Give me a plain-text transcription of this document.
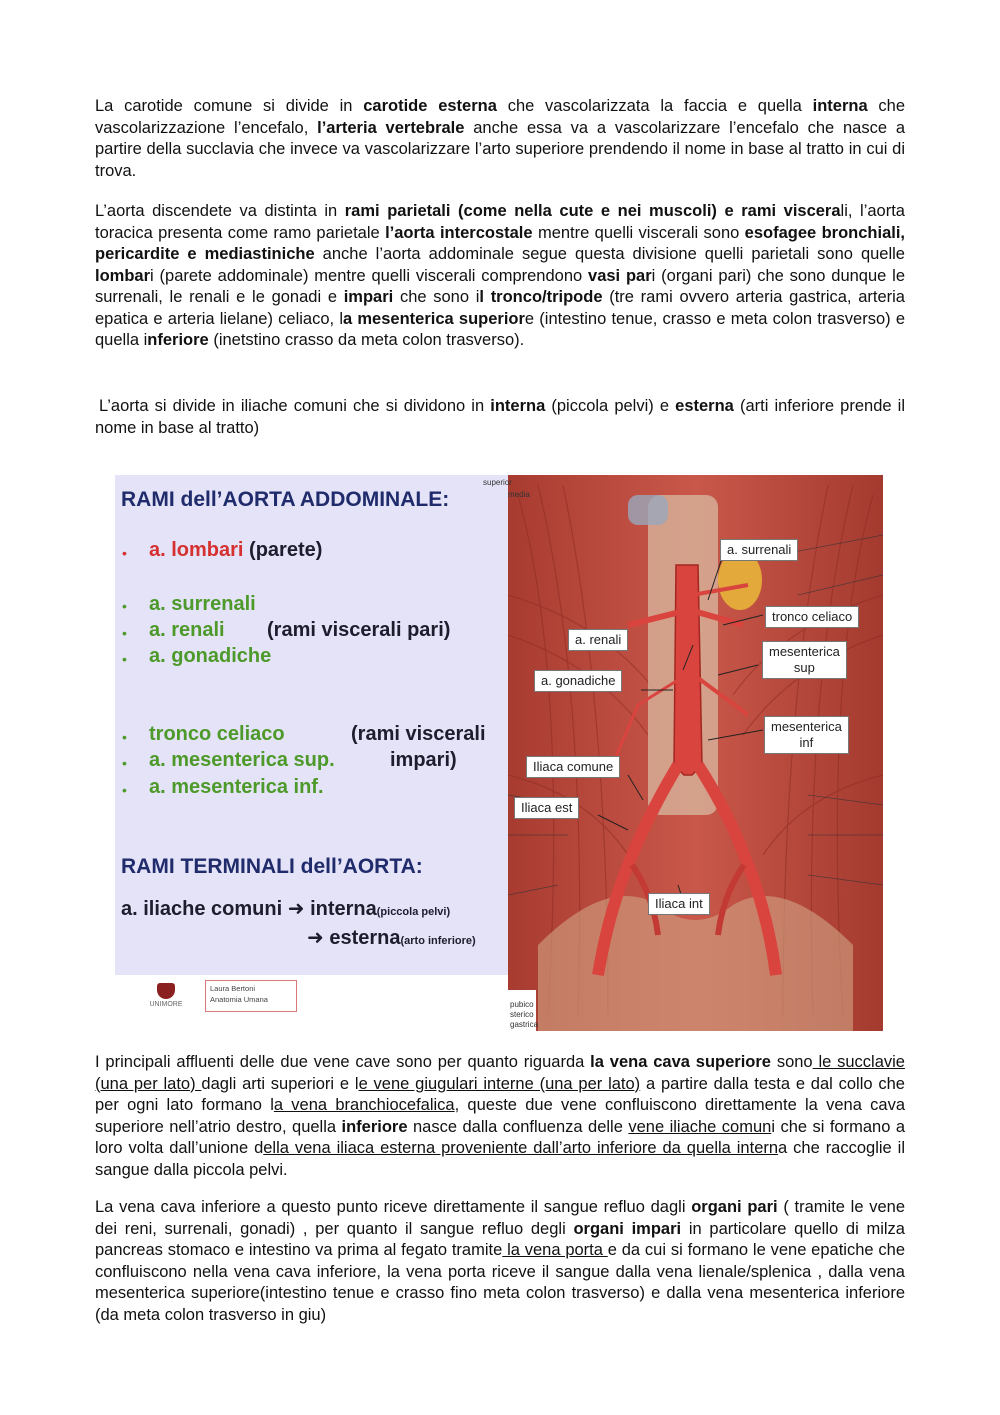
La carotide comune si divide in carotide esterna che vascolarizzata la faccia e quella interna che vascolarizzazione l’encefalo, l’arteria vertebrale anche essa va a vascolarizzare l’encefalo che nasce a partire della succlavia che invece va vascolarizzare l’arto superiore prendendo il nome in base al tratto in cui di trova.

L’aorta discendete va distinta in rami parietali (come nella cute e nei muscoli) e rami viscerali, l’aorta toracica presenta come ramo parietale l’aorta intercostale mentre quelli viscerali sono esofagee bronchiali, pericardite e mediastiniche anche l’aorta addominale segue questa divisione quelli parietali sono quelle lombari (parete addominale) mentre quelli viscerali comprendono vasi pari (organi pari) che sono dunque le surrenali, le renali e le gonadi e impari che sono il tronco/tripode (tre rami ovvero arteria gastrica, arteria epatica e arteria lielane) celiaco, la mesenterica superiore (intestino tenue, crasso e meta colon trasverso) e quella inferiore (inetstino crasso da meta colon trasverso).

L’aorta si divide in iliache comuni che si dividono in interna (piccola pelvi) e esterna (arti inferiore prende il nome in base al tratto)

RAMI dell’AORTA ADDOMINALE:
• a. lombari (parete)
• a. surrenali
• a. renali (rami viscerali pari)
• a. gonadiche
• tronco celiaco	(rami viscerali
• a. mesenterica sup.	impari)
• a. mesenterica inf.
RAMI TERMINALI dell’AORTA:
a. iliache comuni ➜ interna(piccola pelvi)
➜ esterna(arto inferiore)
UNIMORE
Laura Bertoni
Anatomia Umana
superior
media
pubico
sterico
gastrica
a. surrenali
tronco celiaco
a. renali
mesenterica
sup
a. gonadiche
mesenterica
inf
Iliaca comune
Iliaca est
Iliaca int

I principali affluenti delle due vene cave sono per quanto riguarda la vena cava superiore sono le succlavie (una per lato) dagli arti superiori e le vene giugulari interne (una per lato) a partire dalla testa e dal collo che per ogni lato formano la vena branchiocefalica, queste due vene confluiscono direttamente la vena cava superiore nell’atrio destro, quella inferiore nasce dalla confluenza delle vene iliache comuni che si formano a loro volta dall’unione della vena iliaca esterna proveniente dall’arto inferiore da quella interna che raccoglie il sangue dalla piccola pelvi.

La vena cava inferiore a questo punto riceve direttamente il sangue refluo dagli organi pari ( tramite le vene dei reni, surrenali, gonadi) , per quanto il sangue refluo degli organi impari in particolare quello di milza pancreas stomaco e intestino va prima al fegato tramite la vena porta e da cui si formano le vene epatiche che confluiscono nella vena cava inferiore, la vena porta riceve il sangue dalla vena lienale/splenica , dalla vena mesenterica superiore(intestino tenue e crasso fino meta colon trasverso) e dalla vena mesenterica inferiore (da meta colon trasverso in giu)
